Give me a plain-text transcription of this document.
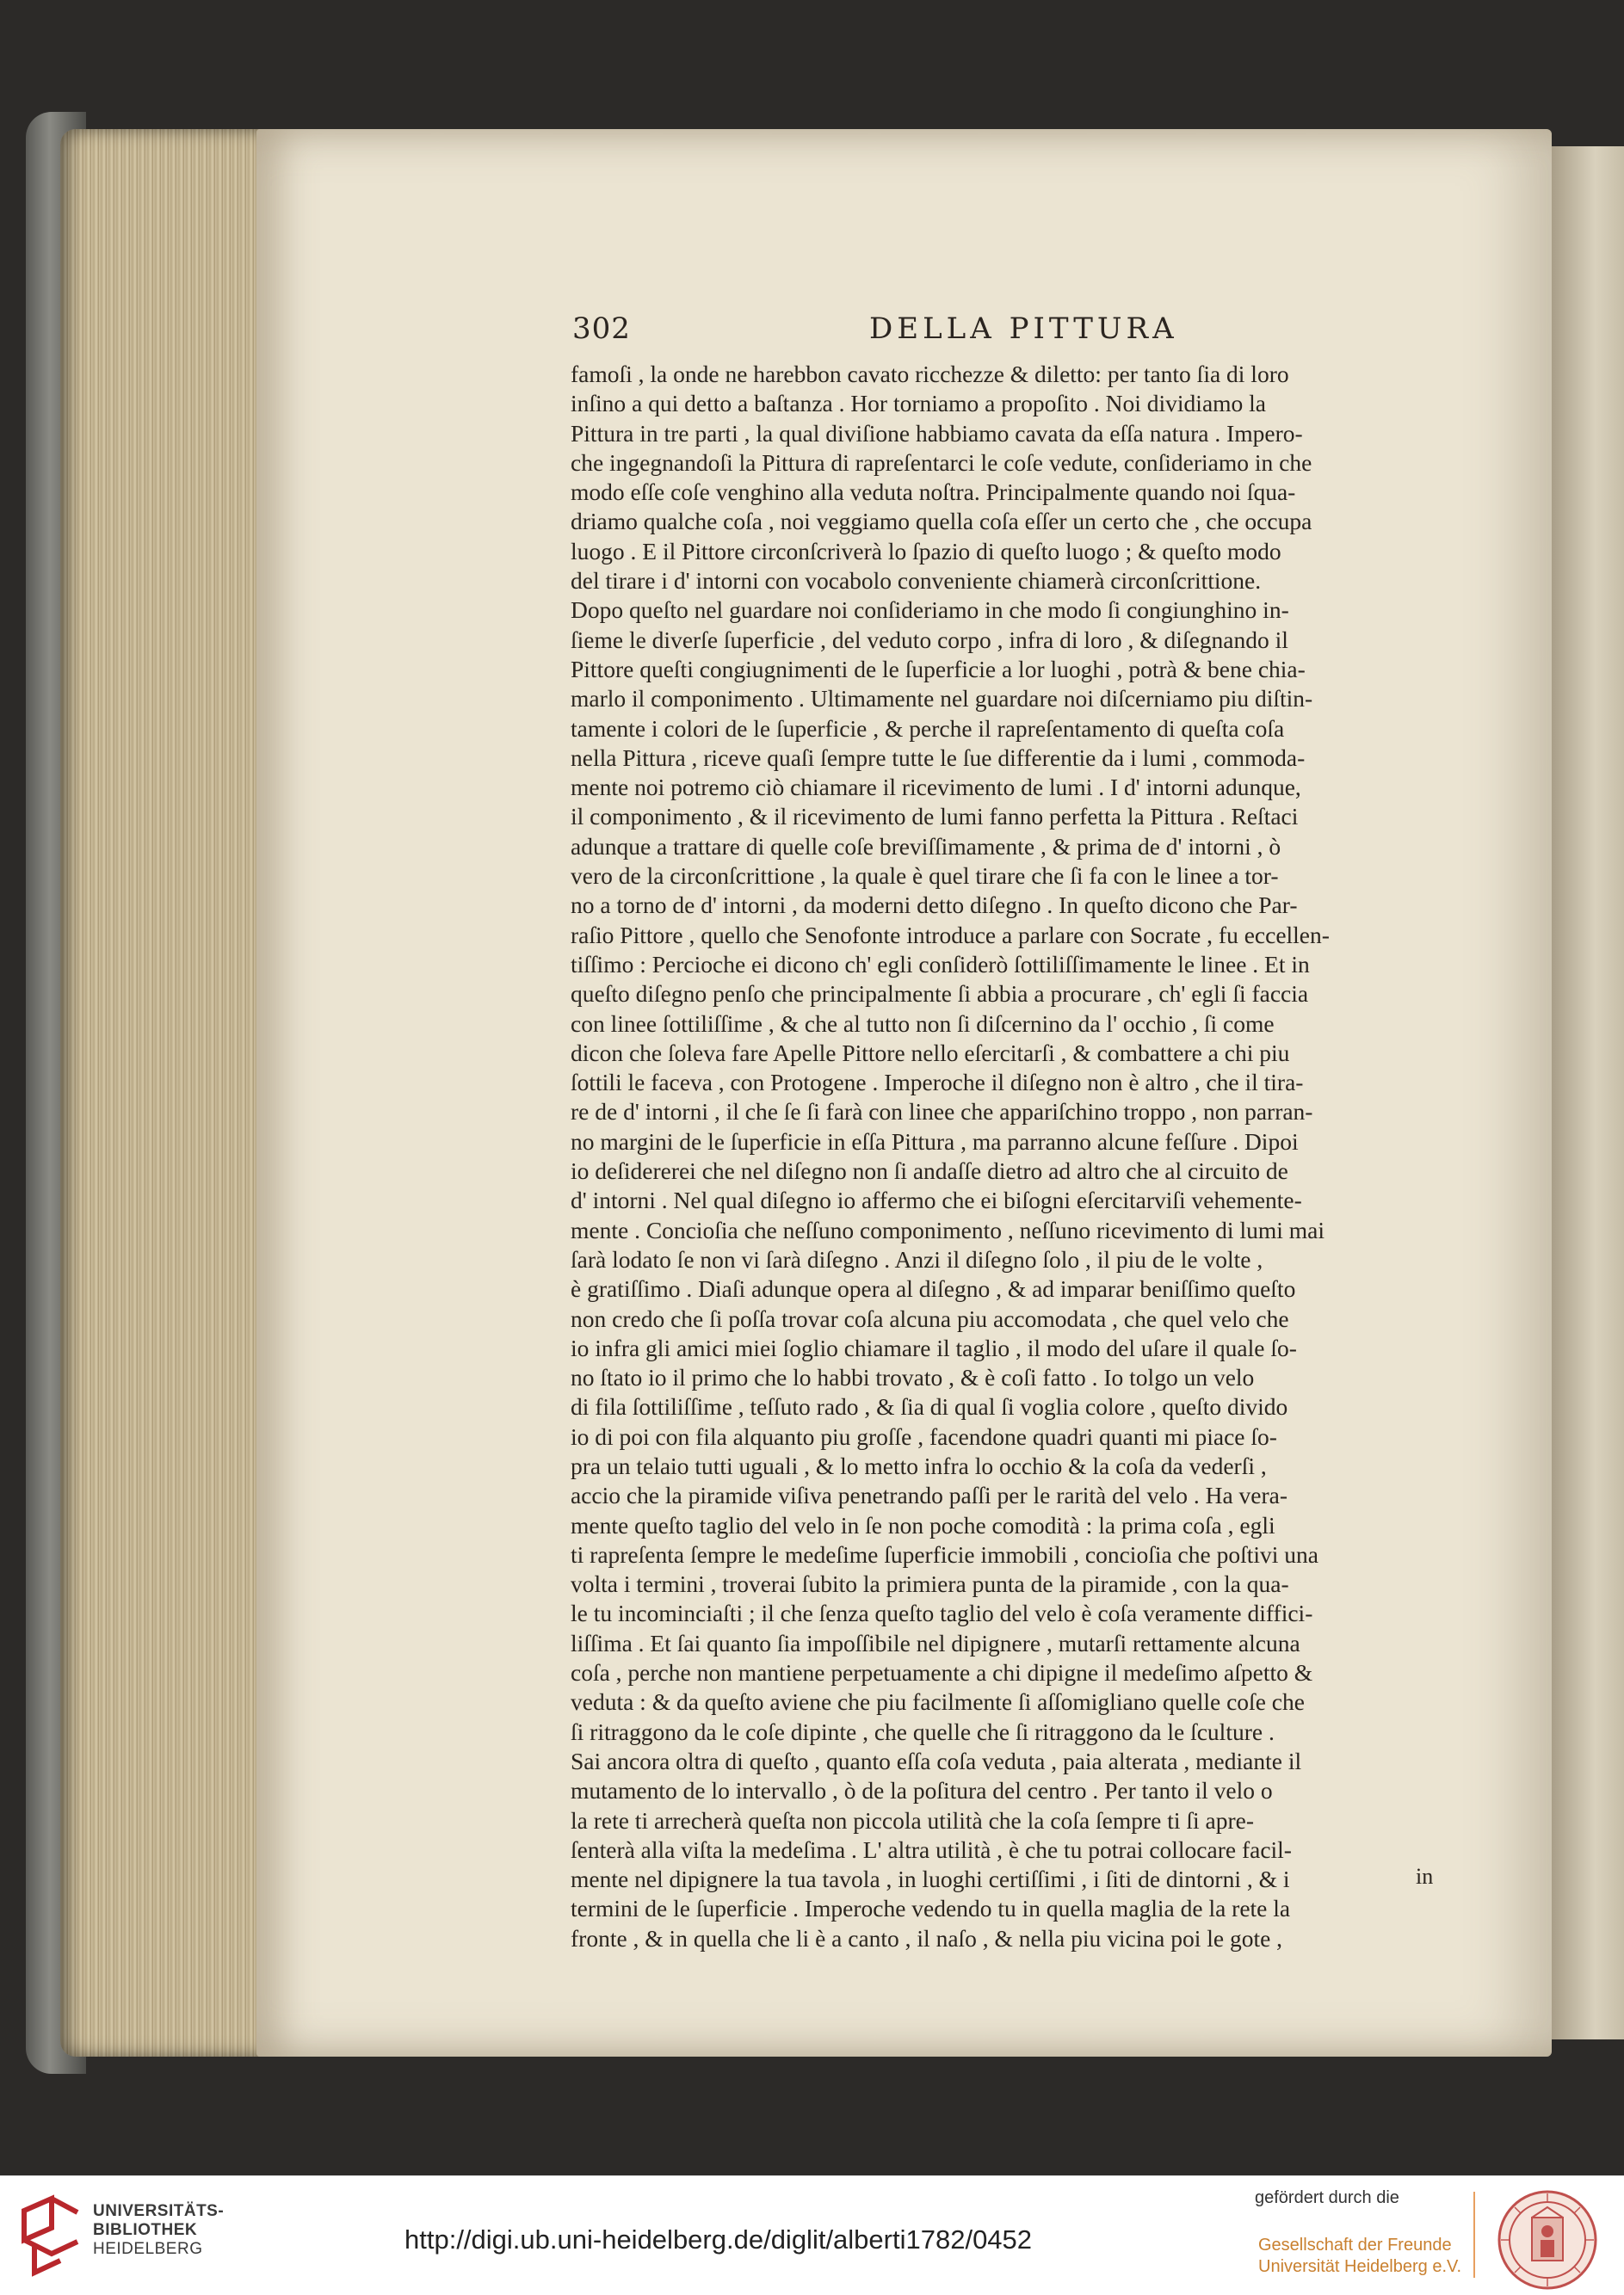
302	DELLA PITTURA
famoſi , la onde ne harebbon cavato ricchezze & diletto: per tanto ſia di loro
inſino a qui detto a baſtanza . Hor torniamo a propoſito . Noi dividiamo la
Pittura in tre parti , la qual diviſione habbiamo cavata da eſſa natura . Impero-
che ingegnandoſi la Pittura di rapreſentarci le coſe vedute, conſideriamo in che
modo eſſe coſe venghino alla veduta noſtra. Principalmente quando noi ſqua-
driamo qualche coſa , noi veggiamo quella coſa eſſer un certo che , che occupa
luogo . E il Pittore circonſcriverà lo ſpazio di queſto luogo ; & queſto modo
del tirare i d' intorni con vocabolo conveniente chiamerà circonſcrittione.
Dopo queſto nel guardare noi conſideriamo in che modo ſi congiunghino in-
ſieme le diverſe ſuperficie , del veduto corpo , infra di loro , & diſegnando il
Pittore queſti congiugnimenti de le ſuperficie a lor luoghi , potrà & bene chia-
marlo il componimento . Ultimamente nel guardare noi diſcerniamo piu diſtin-
tamente i colori de le ſuperficie , & perche il rapreſentamento di queſta coſa
nella Pittura , riceve quaſi ſempre tutte le ſue differentie da i lumi , commoda-
mente noi potremo ciò chiamare il ricevimento de lumi . I d' intorni adunque,
il componimento , & il ricevimento de lumi fanno perfetta la Pittura . Reſtaci
adunque a trattare di quelle coſe breviſſimamente , & prima de d' intorni , ò
vero de la circonſcrittione , la quale è quel tirare che ſi fa con le linee a tor-
no a torno de d' intorni , da moderni detto diſegno . In queſto dicono che Par-
raſio Pittore , quello che Senofonte introduce a parlare con Socrate , fu eccellen-
tiſſimo : Percioche ei dicono ch' egli conſiderò ſottiliſſimamente le linee . Et in
queſto diſegno penſo che principalmente ſi abbia a procurare , ch' egli ſi faccia
con linee ſottiliſſime , & che al tutto non ſi diſcernino da l' occhio , ſi come
dicon che ſoleva fare Apelle Pittore nello eſercitarſi , & combattere a chi piu
ſottili le faceva , con Protogene . Imperoche il diſegno non è altro , che il tira-
re de d' intorni , il che ſe ſi farà con linee che appariſchino troppo , non parran-
no margini de le ſuperficie in eſſa Pittura , ma parranno alcune feſſure . Dipoi
io deſidererei che nel diſegno non ſi andaſſe dietro ad altro che al circuito de
d' intorni . Nel qual diſegno io affermo che ei biſogni eſercitarviſi vehemente-
mente . Concioſia che neſſuno componimento , neſſuno ricevimento di lumi mai
ſarà lodato ſe non vi ſarà diſegno . Anzi il diſegno ſolo , il piu de le volte ,
è gratiſſimo . Diaſi adunque opera al diſegno , & ad imparar beniſſimo queſto
non credo che ſi poſſa trovar coſa alcuna piu accomodata , che quel velo che
io infra gli amici miei ſoglio chiamare il taglio , il modo del uſare il quale ſo-
no ſtato io il primo che lo habbi trovato , & è coſi fatto . Io tolgo un velo
di fila ſottiliſſime , teſſuto rado , & ſia di qual ſi voglia colore , queſto divido
io di poi con fila alquanto piu groſſe , facendone quadri quanti mi piace ſo-
pra un telaio tutti uguali , & lo metto infra lo occhio & la coſa da vederſi ,
accio che la piramide viſiva penetrando paſſi per le rarità del velo . Ha vera-
mente queſto taglio del velo in ſe non poche comodità : la prima coſa , egli
ti rapreſenta ſempre le medeſime ſuperficie immobili , concioſia che poſtivi una
volta i termini , troverai ſubito la primiera punta de la piramide , con la qua-
le tu incominciaſti ; il che ſenza queſto taglio del velo è coſa veramente diffici-
liſſima . Et ſai quanto ſia impoſſibile nel dipignere , mutarſi rettamente alcuna
coſa , perche non mantiene perpetuamente a chi dipigne il medeſimo aſpetto &
veduta : & da queſto aviene che piu facilmente ſi aſſomigliano quelle coſe che
ſi ritraggono da le coſe dipinte , che quelle che ſi ritraggono da le ſculture .
Sai ancora oltra di queſto , quanto eſſa coſa veduta , paia alterata , mediante il
mutamento de lo intervallo , ò de la poſitura del centro . Per tanto il velo o
la rete ti arrecherà queſta non piccola utilità che la coſa ſempre ti ſi apre-
ſenterà alla viſta la medeſima . L' altra utilità , è che tu potrai collocare facil-
mente nel dipignere la tua tavola , in luoghi certiſſimi , i ſiti de dintorni , & i
termini de le ſuperficie . Imperoche vedendo tu in quella maglia de la rete la
fronte , & in quella che li è a canto , il naſo , & nella piu vicina poi le gote ,
in
UNIVERSITÄTS-
BIBLIOTHEK
HEIDELBERG	http://digi.ub.uni-heidelberg.de/diglit/alberti1782/0452
gefördert durch die
Gesellschaft der Freunde
Universität Heidelberg e.V.
